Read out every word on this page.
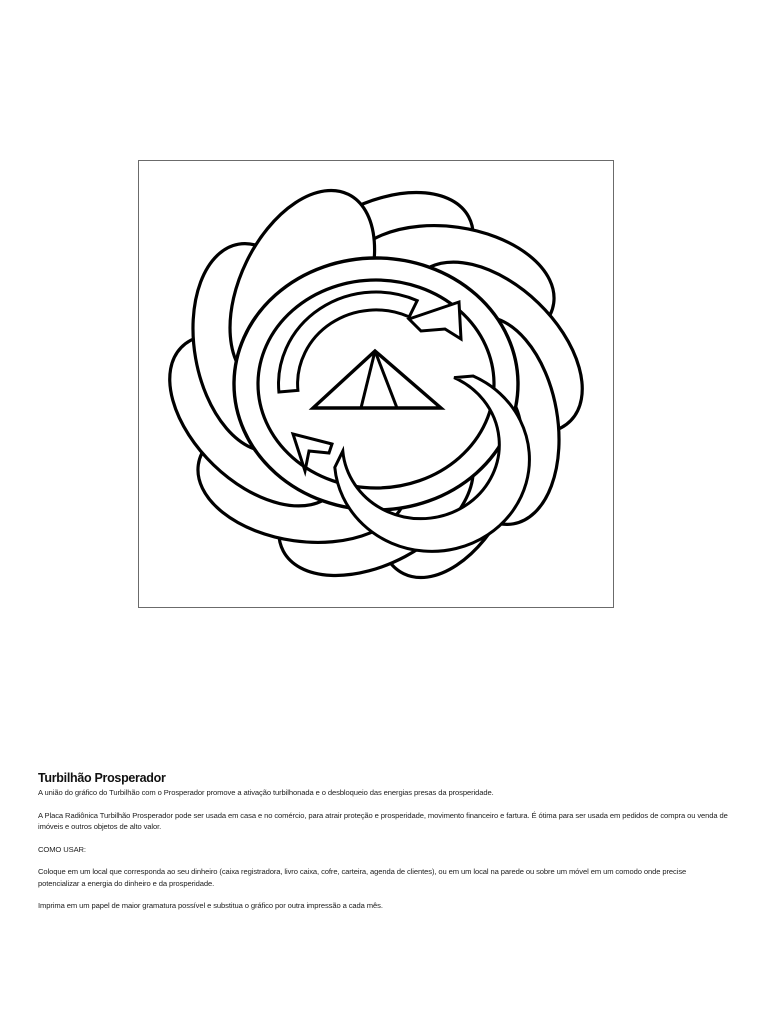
Turbilhão Prosperador

A união do gráfico do Turbilhão com o Prosperador promove a ativação turbilhonada e o desbloqueio das energias presas da prosperidade.

A Placa Radiônica Turbilhão Prosperador pode ser usada em casa e no comércio, para atrair proteção e prosperidade, movimento financeiro e fartura. É ótima para ser usada em pedidos de compra ou venda de imóveis e outros objetos de alto valor.

COMO USAR:

Coloque em um local que corresponda ao seu dinheiro (caixa registradora, livro caixa, cofre, carteira, agenda de clientes), ou em um local na parede ou sobre um móvel em um comodo onde precise potencializar a energia do dinheiro e da prosperidade.

Imprima em um papel de maior gramatura possível e substitua o gráfico por outra impressão a cada mês.
